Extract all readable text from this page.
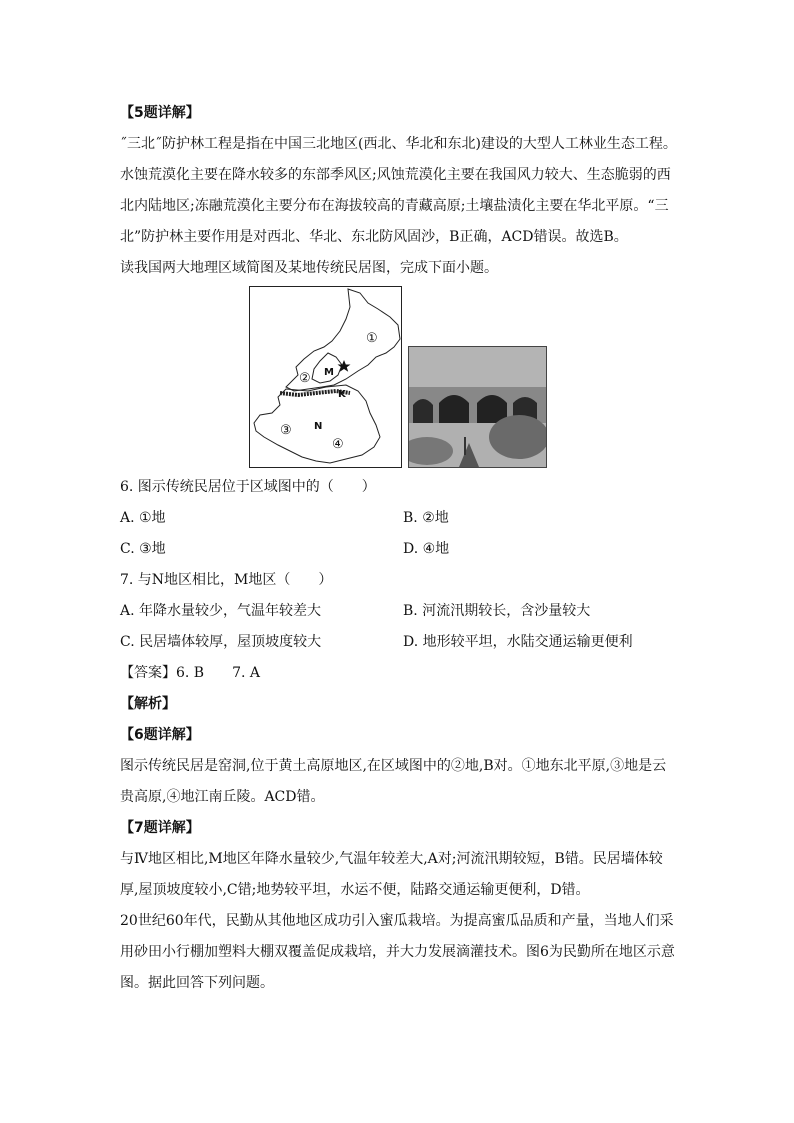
【5题详解】
˝三北˝防护林工程是指在中国三北地区(西北、华北和东北)建设的大型人工林业生态工程。
水蚀荒漠化主要在降水较多的东部季风区;风蚀荒漠化主要在我国风力较大、生态脆弱的西
北内陆地区;冻融荒漠化主要分布在海拔较高的青藏高原;土壤盐渍化主要在华北平原。“三
北”防护林主要作用是对西北、华北、东北防风固沙，B正确，ACD错误。故选B。
读我国两大地理区域简图及某地传统民居图，完成下面小题。
①
② M
K
③ N
④
6. 图示传统民居位于区域图中的（　　）
A. ①地	B. ②地
C. ③地	D. ④地
7. 与N地区相比，M地区（　　）
A. 年降水量较少，气温年较差大	B. 河流汛期较长，含沙量较大
C. 民居墙体较厚，屋顶坡度较大	D. 地形较平坦，水陆交通运输更便利
【答案】6. B　　7. A
【解析】
【6题详解】
图示传统民居是窑洞,位于黄土高原地区,在区域图中的②地,B对。①地东北平原,③地是云
贵高原,④地江南丘陵。ACD错。
【7题详解】
与Ⅳ地区相比,M地区年降水量较少,气温年较差大,A对;河流汛期较短，B错。民居墙体较
厚,屋顶坡度较小,C错;地势较平坦，水运不便，陆路交通运输更便利，D错。
20世纪60年代，民勤从其他地区成功引入蜜瓜栽培。为提高蜜瓜品质和产量，当地人们采
用砂田小行棚加塑料大棚双覆盖促成栽培，并大力发展滴灌技术。图6为民勤所在地区示意
图。据此回答下列问题。
